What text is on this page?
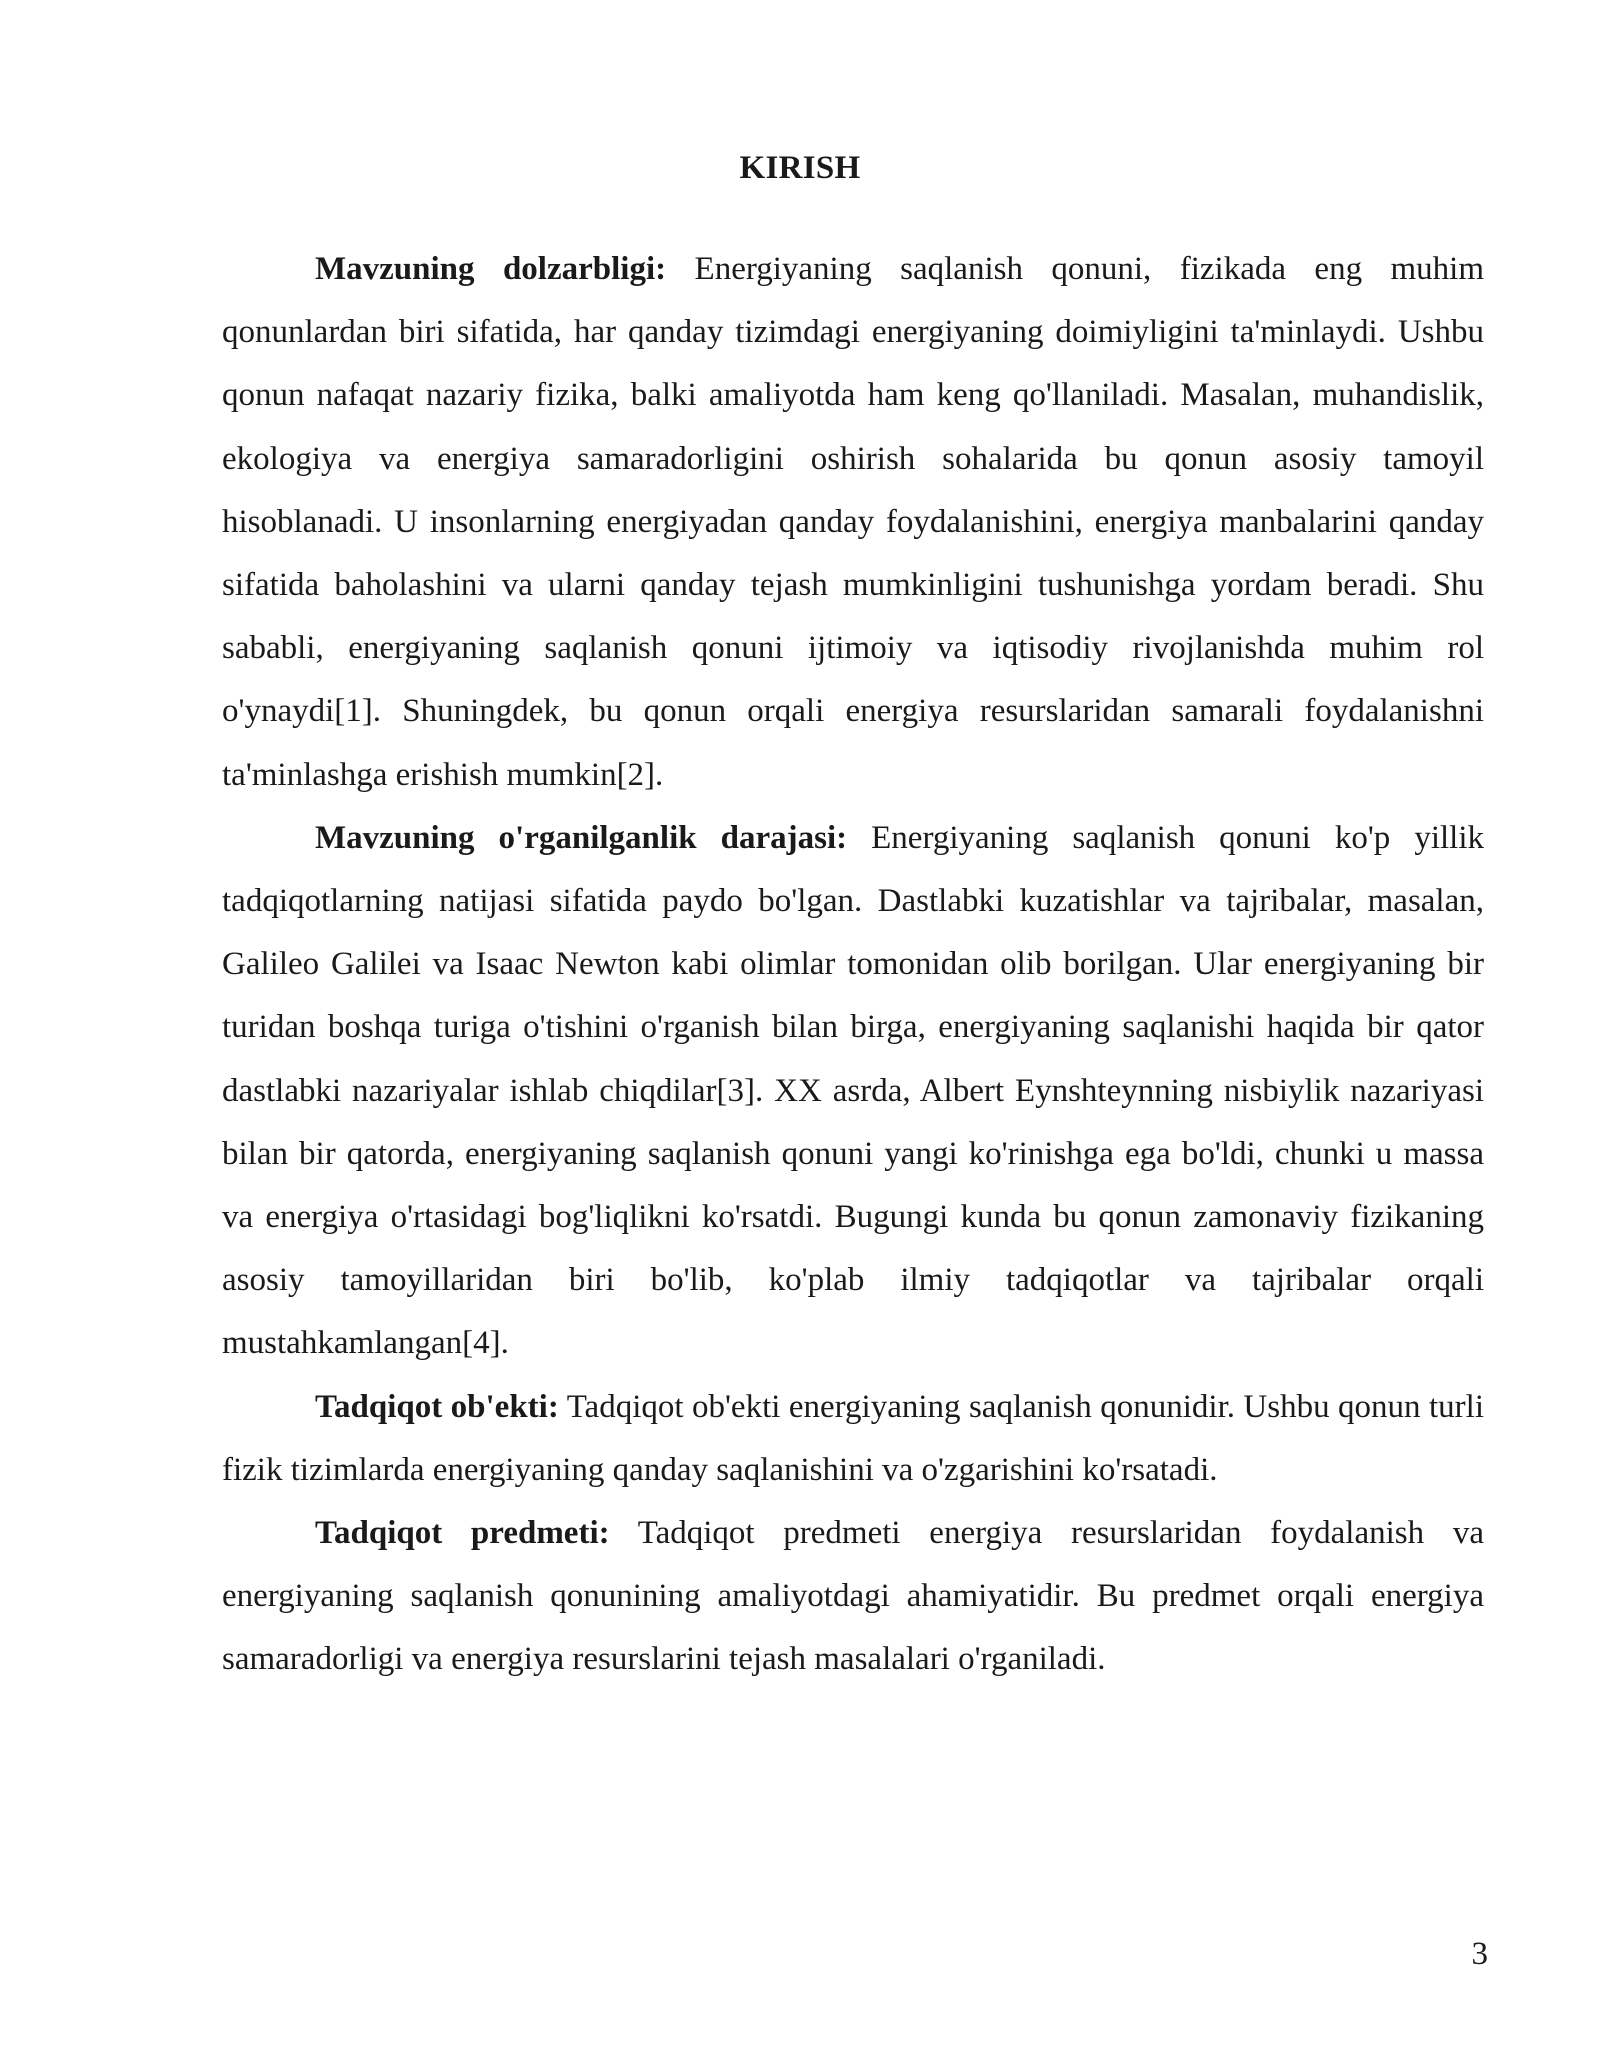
KIRISH

Mavzuning dolzarbligi: Energiyaning saqlanish qonuni, fizikada eng muhim qonunlardan biri sifatida, har qanday tizimdagi energiyaning doimiyligini ta'minlaydi. Ushbu qonun nafaqat nazariy fizika, balki amaliyotda ham keng qo'llaniladi. Masalan, muhandislik, ekologiya va energiya samaradorligini oshirish sohalarida bu qonun asosiy tamoyil hisoblanadi. U insonlarning energiyadan qanday foydalanishini, energiya manbalarini qanday sifatida baholashini va ularni qanday tejash mumkinligini tushunishga yordam beradi. Shu sababli, energiyaning saqlanish qonuni ijtimoiy va iqtisodiy rivojlanishda muhim rol o'ynaydi[1]. Shuningdek, bu qonun orqali energiya resurslaridan samarali foydalanishni ta'minlashga erishish mumkin[2].

Mavzuning o'rganilganlik darajasi: Energiyaning saqlanish qonuni ko'p yillik tadqiqotlarning natijasi sifatida paydo bo'lgan. Dastlabki kuzatishlar va tajribalar, masalan, Galileo Galilei va Isaac Newton kabi olimlar tomonidan olib borilgan. Ular energiyaning bir turidan boshqa turiga o'tishini o'rganish bilan birga, energiyaning saqlanishi haqida bir qator dastlabki nazariyalar ishlab chiqdilar[3]. XX asrda, Albert Eynshteynning nisbiylik nazariyasi bilan bir qatorda, energiyaning saqlanish qonuni yangi ko'rinishga ega bo'ldi, chunki u massa va energiya o'rtasidagi bog'liqlikni ko'rsatdi. Bugungi kunda bu qonun zamonaviy fizikaning asosiy tamoyillaridan biri bo'lib, ko'plab ilmiy tadqiqotlar va tajribalar orqali mustahkamlangan[4].

Tadqiqot ob'ekti: Tadqiqot ob'ekti energiyaning saqlanish qonunidir. Ushbu qonun turli fizik tizimlarda energiyaning qanday saqlanishini va o'zgarishini ko'rsatadi.

Tadqiqot predmeti: Tadqiqot predmeti energiya resurslaridan foydalanish va energiyaning saqlanish qonunining amaliyotdagi ahamiyatidir. Bu predmet orqali energiya samaradorligi va energiya resurslarini tejash masalalari o'rganiladi.

3
